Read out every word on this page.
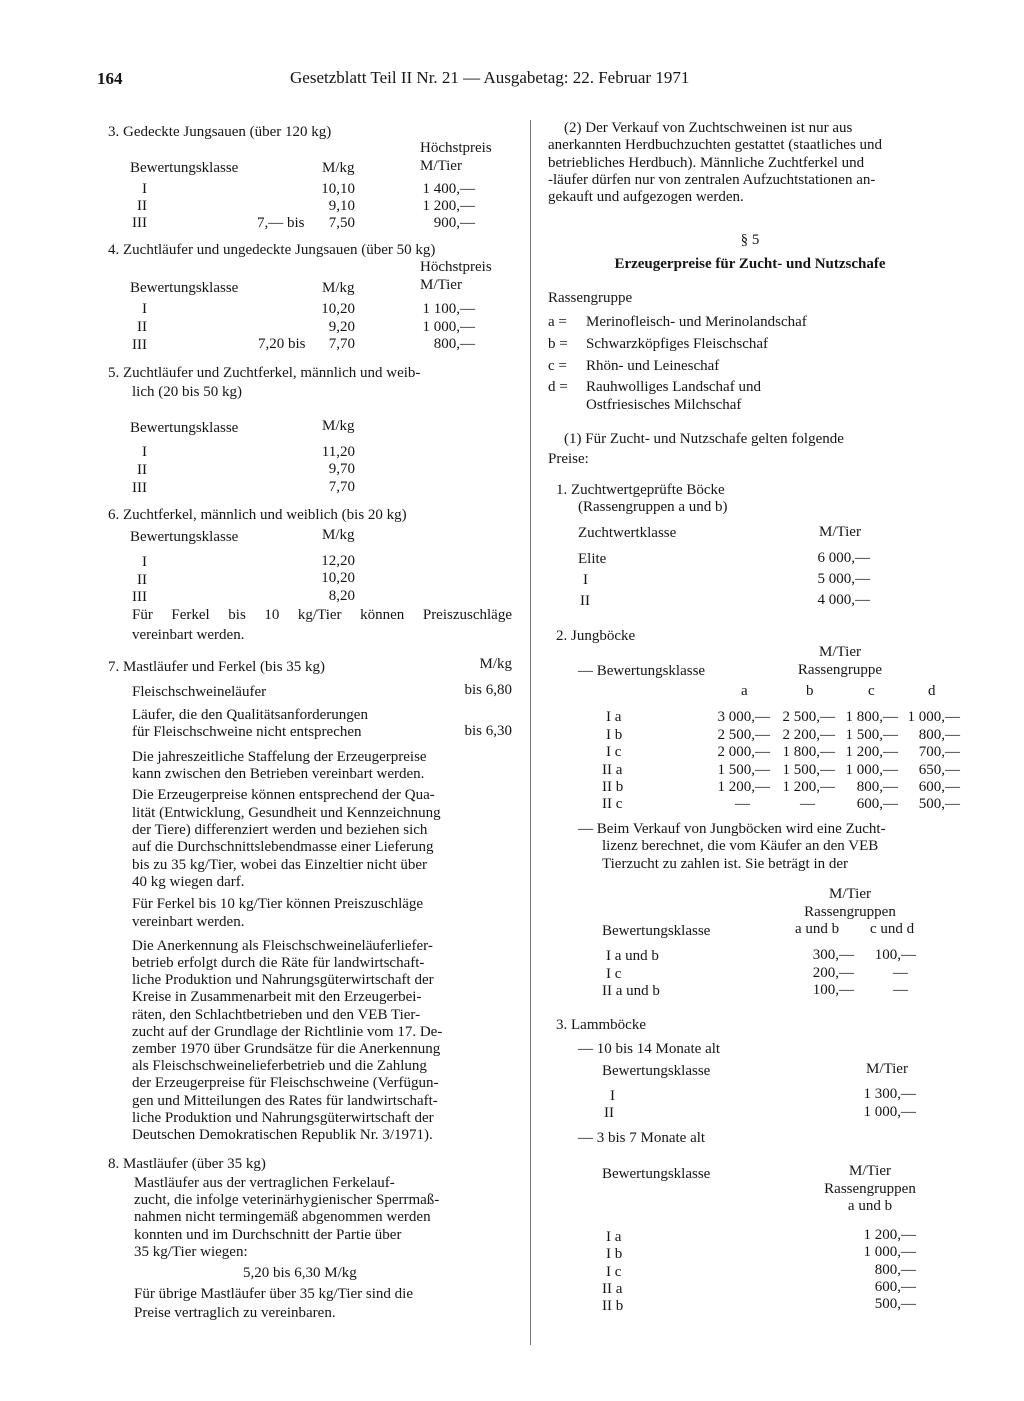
164	Gesetzblatt Teil II Nr. 21 — Ausgabetag: 22. Februar 1971
3. Gedeckte Jungsauen (über 120 kg)
Höchstpreis
Bewertungsklasse	M/kg	M/Tier
I	10,10	1 400,—
II	9,10	1 200,—
III	7,— bis	7,50	900,—
4. Zuchtläufer und ungedeckte Jungsauen (über 50 kg)
Höchstpreis
Bewertungsklasse	M/kg	M/Tier
I	10,20	1 100,—
II	9,20	1 000,—
III	7,20 bis	7,70	800,—
5. Zuchtläufer und Zuchtferkel, männlich und weib-
lich (20 bis 50 kg)
Bewertungsklasse	M/kg
I	11,20
II	9,70
III	7,70
6. Zuchtferkel, männlich und weiblich (bis 20 kg)
Bewertungsklasse	M/kg
I	12,20
II	10,20
III	8,20
Für Ferkel bis 10 kg/Tier können Preiszuschläge
vereinbart werden.
7. Mastläufer und Ferkel (bis 35 kg)	M/kg
Fleischschweineläufer	bis 6,80
Läufer, die den Qualitätsanforderungen
für Fleischschweine nicht entsprechen	bis 6,30
Die jahreszeitliche Staffelung der Erzeugerpreise
kann zwischen den Betrieben vereinbart werden.
Die Erzeugerpreise können entsprechend der Qua-
lität (Entwicklung, Gesundheit und Kennzeichnung
der Tiere) differenziert werden und beziehen sich
auf die Durchschnittslebendmasse einer Lieferung
bis zu 35 kg/Tier, wobei das Einzeltier nicht über
40 kg wiegen darf.
Für Ferkel bis 10 kg/Tier können Preiszuschläge
vereinbart werden.
Die Anerkennung als Fleischschweineläuferliefer-
betrieb erfolgt durch die Räte für landwirtschaft-
liche Produktion und Nahrungsgüterwirtschaft der
Kreise in Zusammenarbeit mit den Erzeugerbei-
räten, den Schlachtbetrieben und den VEB Tier-
zucht auf der Grundlage der Richtlinie vom 17. De-
zember 1970 über Grundsätze für die Anerkennung
als Fleischschweinelieferbetrieb und die Zahlung
der Erzeugerpreise für Fleischschweine (Verfügun-
gen und Mitteilungen des Rates für landwirtschaft-
liche Produktion und Nahrungsgüterwirtschaft der
Deutschen Demokratischen Republik Nr. 3/1971).
8. Mastläufer (über 35 kg)
Mastläufer aus der vertraglichen Ferkelauf-
zucht, die infolge veterinärhygienischer Sperrmaß-
nahmen nicht termingemäß abgenommen werden
konnten und im Durchschnitt der Partie über
35 kg/Tier wiegen:
5,20 bis 6,30 M/kg
Für übrige Mastläufer über 35 kg/Tier sind die
Preise vertraglich zu vereinbaren.
(2) Der Verkauf von Zuchtschweinen ist nur aus
anerkannten Herdbuchzuchten gestattet (staatliches und
betriebliches Herdbuch). Männliche Zuchtferkel und
-läufer dürfen nur von zentralen Aufzuchtstationen an-
gekauft und aufgezogen werden.
§ 5
Erzeugerpreise für Zucht- und Nutzschafe
Rassengruppe
a = Merinofleisch- und Merinolandschaf
b = Schwarzköpfiges Fleischschaf
c = Rhön- und Leineschaf
d = Rauhwolliges Landschaf und
Ostfriesisches Milchschaf
(1) Für Zucht- und Nutzschafe gelten folgende
Preise:
1. Zuchtwertgeprüfte Böcke
(Rassengruppen a und b)
Zuchtwertklasse	M/Tier
Elite	6 000,—
I	5 000,—
II	4 000,—
2. Jungböcke
M/Tier
— Bewertungsklasse	Rassengruppe
a	b	c	d
I a	3 000,— 2 500,— 1 800,— 1 000,—
I b	2 500,— 2 200,— 1 500,—	800,—
I c	2 000,— 1 800,— 1 200,—	700,—
II a	1 500,— 1 500,— 1 000,—	650,—
II b	1 200,— 1 200,—	800,—	600,—
II c	—	—	600,—	500,—
— Beim Verkauf von Jungböcken wird eine Zucht-
lizenz berechnet, die vom Käufer an den VEB
Tierzucht zu zahlen ist. Sie beträgt in der
M/Tier
Rassengruppen
Bewertungsklasse	a und b c und d
I a und b	300,—	100,—
I c	200,—	—
II a und b	100,—	—
3. Lammböcke
— 10 bis 14 Monate alt
Bewertungsklasse	M/Tier
I	1 300,—
II	1 000,—
— 3 bis 7 Monate alt
Bewertungsklasse	M/Tier
Rassengruppen
a und b
I a	1 200,—
I b	1 000,—
I c	800,—
II a	600,—
II b	500,—
